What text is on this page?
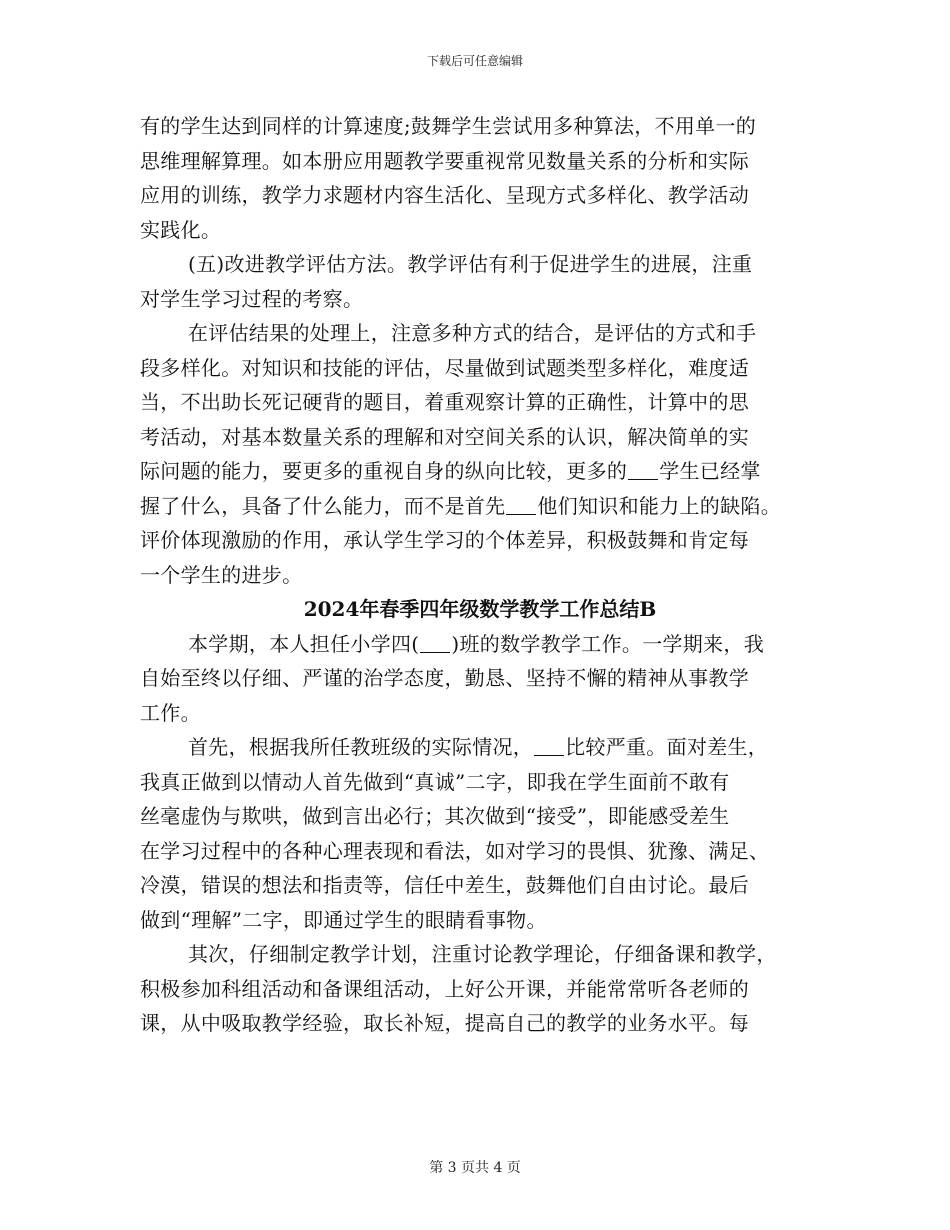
下载后可任意编辑
有的学生达到同样的计算速度;鼓舞学生尝试用多种算法，不用单一的
思维理解算理。如本册应用题教学要重视常见数量关系的分析和实际
应用的训练，教学力求题材内容生活化、呈现方式多样化、教学活动
实践化。
(五)改进教学评估方法。教学评估有利于促进学生的进展，注重
对学生学习过程的考察。
在评估结果的处理上，注意多种方式的结合，是评估的方式和手
段多样化。对知识和技能的评估，尽量做到试题类型多样化，难度适
当，不出助长死记硬背的题目，着重观察计算的正确性，计算中的思
考活动，对基本数量关系的理解和对空间关系的认识，解决简单的实
际问题的能力，要更多的重视自身的纵向比较，更多的 学生已经掌
握了什么，具备了什么能力，而不是首先 他们知识和能力上的缺陷。
评价体现激励的作用，承认学生学习的个体差异，积极鼓舞和肯定每
一个学生的进步。
2024年春季四年级数学教学工作总结B
本学期，本人担任小学四( )班的数学教学工作。一学期来，我
自始至终以仔细、严谨的治学态度，勤恳、坚持不懈的精神从事教学
工作。
首先，根据我所任教班级的实际情况， 比较严重。面对差生，
我真正做到以情动人首先做到“真诚”二字，即我在学生面前不敢有
丝毫虚伪与欺哄，做到言出必行；其次做到“接受”，即能感受差生
在学习过程中的各种心理表现和看法，如对学习的畏惧、犹豫、满足、
冷漠，错误的想法和指责等，信任中差生，鼓舞他们自由讨论。最后
做到“理解”二字，即通过学生的眼睛看事物。
其次，仔细制定教学计划，注重讨论教学理论，仔细备课和教学，
积极参加科组活动和备课组活动，上好公开课，并能常常听各老师的
课，从中吸取教学经验，取长补短，提高自己的教学的业务水平。每
第 3 页共 4 页
